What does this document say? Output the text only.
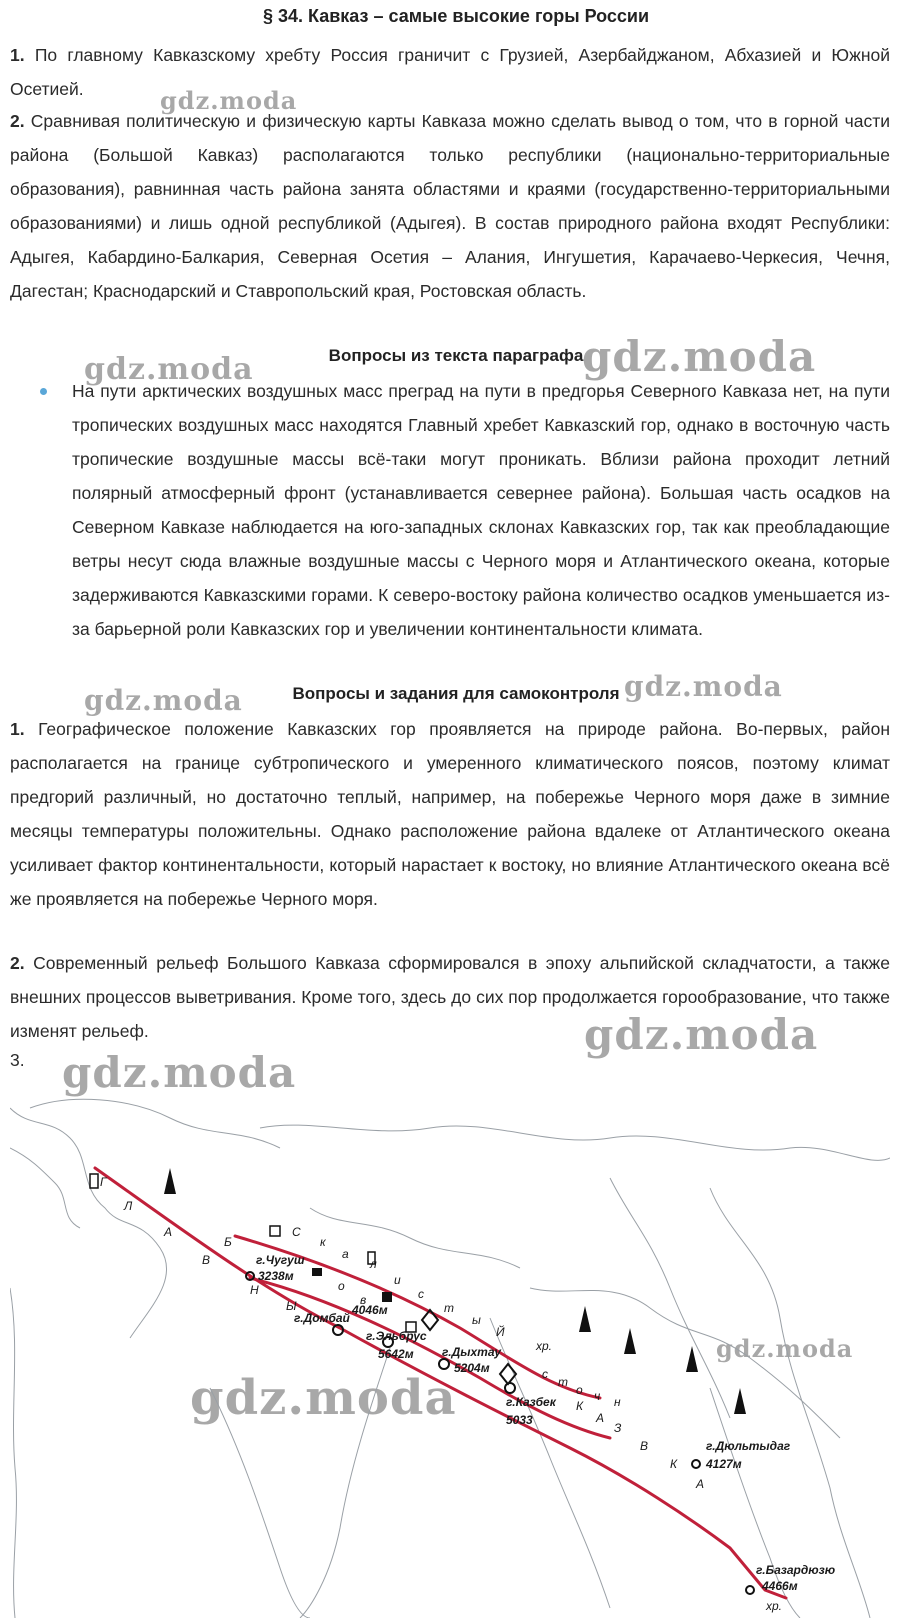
§ 34. Кавказ – самые высокие горы России

1. По главному Кавказскому хребту Россия граничит с Грузией, Азербайджаном, Абхазией и Южной Осетией.

2. Сравнивая политическую и физическую карты Кавказа можно сделать вывод о том, что в горной части района (Большой Кавказ) располагаются только республики (национально-территориальные образования), равнинная часть района занята областями и краями (государственно-территориальными образованиями) и лишь одной республикой (Адыгея). В состав природного района входят Республики: Адыгея, Кабардино-Балкария, Северная Осетия – Алания, Ингушетия, Карачаево-Черкесия, Чечня, Дагестан; Краснодарский и Ставропольский края, Ростовская область.

Вопросы из текста параграфа

На пути арктических воздушных масс преград на пути в предгорья Северного Кавказа нет, на пути тропических воздушных масс находятся Главный хребет Кавказский гор, однако в восточную часть тропические воздушные массы всё-таки могут проникать. Вблизи района проходит летний полярный атмосферный фронт (устанавливается севернее района). Большая часть осадков на Северном Кавказе наблюдается на юго-западных склонах Кавказских гор, так как преобладающие ветры несут сюда влажные воздушные массы с Черного моря и Атлантического океана, которые задерживаются Кавказскими горами. К северо-востоку района количество осадков уменьшается из-за барьерной роли Кавказских гор и увеличении континентальности климата.

Вопросы и задания для самоконтроля

1. Географическое положение Кавказских гор проявляется на природе района. Во-первых, район располагается на границе субтропического и умеренного климатического поясов, поэтому климат предгорий различный, но достаточно теплый, например, на побережье Черного моря даже в зимние месяцы температуры положительны. Однако расположение района вдалеке от Атлантического океана усиливает фактор континентальности, который нарастает к востоку, но влияние Атлантического океана всё же проявляется на побережье Черного моря.

2. Современный рельеф Большого Кавказа сформировался в эпоху альпийской складчатости, а также внешних процессов выветривания. Кроме того, здесь до сих пор продолжается горообразование, что также изменят рельеф.

3.
gdz.moda
gdz.moda	gdz.moda
gdz.moda	gdz.moda
gdz.moda
gdz.moda
gdz.moda
gdz.moda
Г
Л
А
В
Н
Ы
Й
хр.
Б
о
в
С
к
а
л
и
с
т
ы
с
т
о ч н
К
А
З
В
К
А
хр.
г.Чугуш
3238м
г.Домбай
4046м
г.Эльбрус
5642м г.Дыхтау
5204м
г.Казбек
5033
г.Дюльтыдаг
4127м
г.Базардюзю
4466м
